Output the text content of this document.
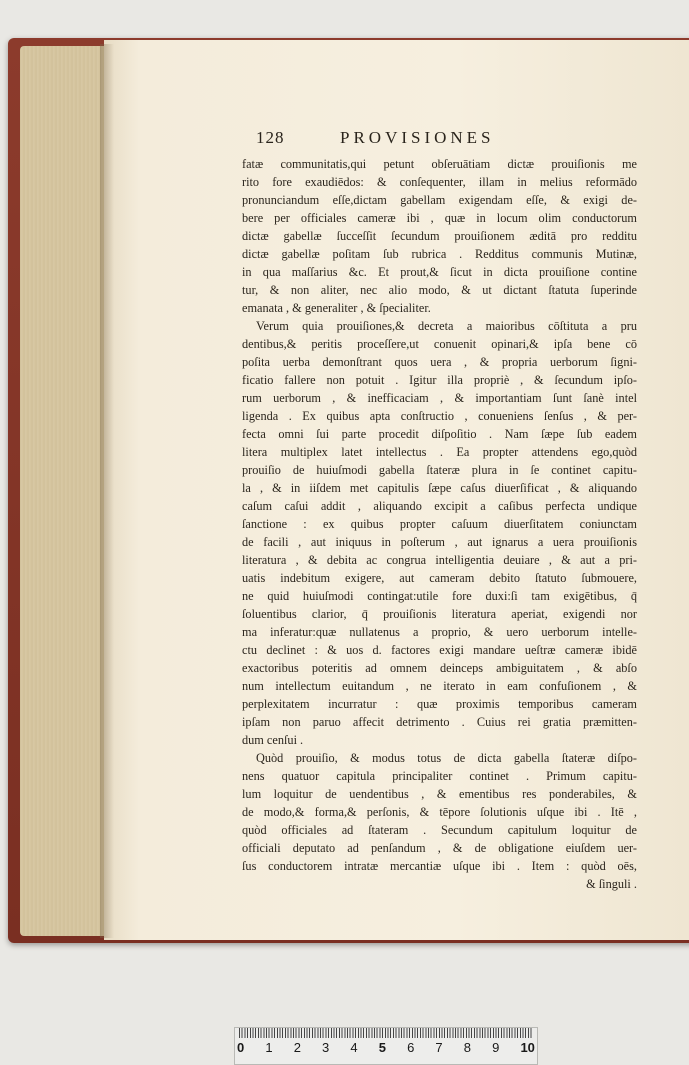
128	PROVISIONES
fatæ communitatis,qui petunt obſeruātiam dictæ prouiſionis me
rito fore exaudiēdos: & conſequenter, illam in melius reformādo
pronunciandum eſſe,dictam gabellam exigendam eſſe, & exigi de-
bere per officiales cameræ ibi , quæ in locum olim conductorum
dictæ gabellæ ſucceſſit ſecundum prouiſionem æditā pro redditu
dictæ gabellæ poſitam ſub rubrica . Redditus communis Mutinæ,
in qua maſſarius &c. Et prout,& ſicut in dicta prouiſione contine
tur, & non aliter, nec alio modo, & ut dictant ſtatuta ſuperinde
emanata , & generaliter , & ſpecialiter.
Verum quia prouiſiones,& decreta a maioribus cōſtituta a pru
dentibus,& peritis proceſſere,ut conuenit opinari,& ipſa bene cō
poſita uerba demonſtrant quos uera , & propria uerborum ſigni-
ficatio fallere non potuit . Igitur illa propriè , & ſecundum ipſo-
rum uerborum , & inefficaciam , & importantiam ſunt ſanè intel
ligenda . Ex quibus apta conſtructio , conueniens ſenſus , & per-
fecta omni ſui parte procedit diſpoſitio . Nam ſæpe ſub eadem
litera multiplex latet intellectus . Ea propter attendens ego,quòd
prouiſio de huiuſmodi gabella ſtateræ plura in ſe continet capitu-
la , & in iiſdem met capitulis ſæpe caſus diuerſificat , & aliquando
caſum caſui addit , aliquando excipit a caſibus perfecta undique
ſanctione : ex quibus propter caſuum diuerſitatem coniunctam
de facili , aut iniquus in poſterum , aut ignarus a uera prouiſionis
literatura , & debita ac congrua intelligentia deuiare , & aut a pri-
uatis indebitum exigere, aut cameram debito ſtatuto ſubmouere,
ne quid huiuſmodi contingat:utile fore duxi:ſi tam exigētibus, q̄
ſoluentibus clarior, q̄ prouiſionis literatura aperiat, exigendi nor
ma inferatur:quæ nullatenus a proprio, & uero uerborum intelle-
ctu declinet : & uos d. factores exigi mandare ueſtræ cameræ ibidē
exactoribus poteritis ad omnem deinceps ambiguitatem , & abſo
num intellectum euitandum , ne iterato in eam confuſionem , &
perplexitatem incurratur : quæ proximis temporibus cameram
ipſam non paruo affecit detrimento . Cuius rei gratia præmitten-
dum cenſui .
Quòd prouiſio, & modus totus de dicta gabella ſtateræ diſpo-
nens quatuor capitula principaliter continet . Primum capitu-
lum loquitur de uendentibus , & ementibus res ponderabiles, &
de modo,& forma,& perſonis, & tēpore ſolutionis uſque ibi . Itē ,
quòd officiales ad ſtateram . Secundum capitulum loquitur de
officiali deputato ad penſandum , & de obligatione eiuſdem uer-
ſus conductorem intratæ mercantiæ uſque ibi . Item : quòd oēs,
& ſinguli .
0 1 2 3 4 5 6 7 8 9 10
